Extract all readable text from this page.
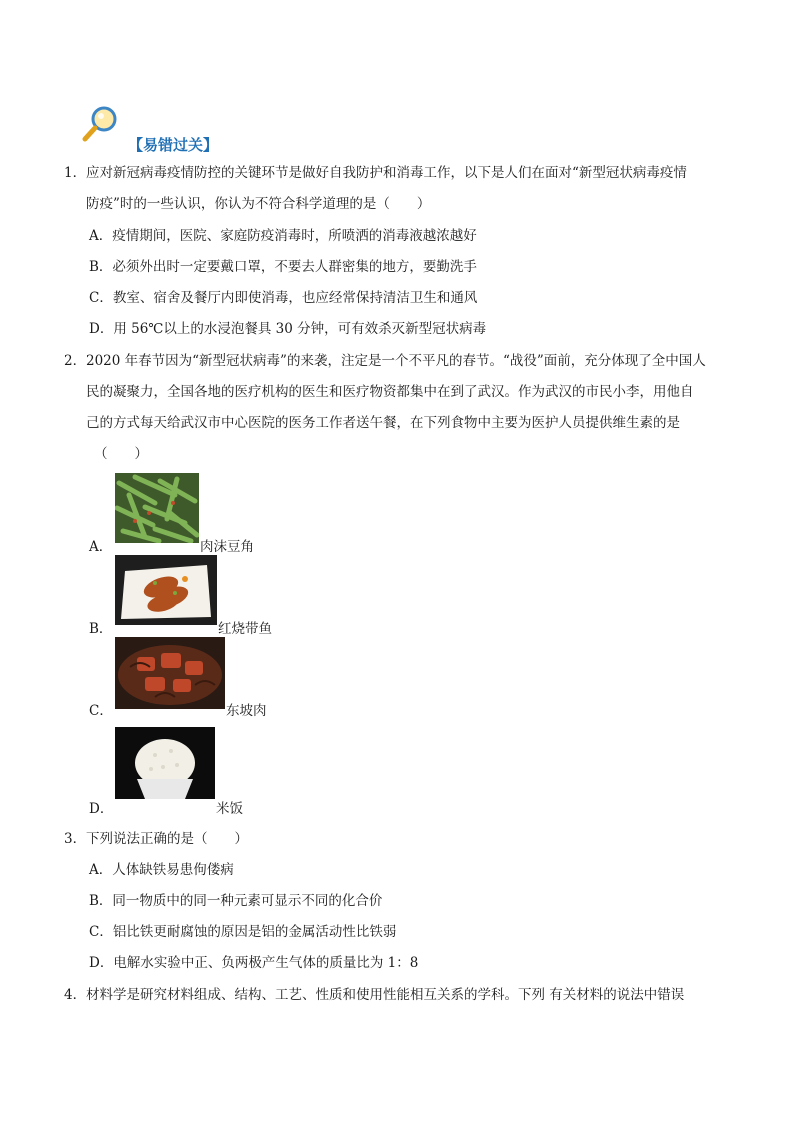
【易错过关】
1． 应对新冠病毒疫情防控的关键环节是做好自我防护和消毒工作，以下是人们在面对“新型冠状病毒疫情
防疫”时的一些认识，你认为不符合科学道理的是（　　）
A．疫情期间，医院、家庭防疫消毒时，所喷洒的消毒液越浓越好
B．必须外出时一定要戴口罩，不要去人群密集的地方，要勤洗手
C．教室、宿舍及餐厅内即使消毒，也应经常保持清洁卫生和通风
D．用 56℃以上的水浸泡餐具 30 分钟，可有效杀灭新型冠状病毒
2． 2020 年春节因为“新型冠状病毒”的来袭，注定是一个不平凡的春节。“战役”面前，充分体现了全中国人
民的凝聚力，全国各地的医疗机构的医生和医疗物资都集中在到了武汉。作为武汉的市民小李，用他自
己的方式每天给武汉市中心医院的医务工作者送午餐，在下列食物中主要为医护人员提供维生素的是
（　　）
A．	肉沫豆角
B．	红烧带鱼
C．	东坡肉
D．	米饭
3． 下列说法正确的是（　　）
A．人体缺铁易患佝偻病
B．同一物质中的同一种元素可显示不同的化合价
C．铝比铁更耐腐蚀的原因是铝的金属活动性比铁弱
D．电解水实验中正、负两极产生气体的质量比为 1：8
4． 材料学是研究材料组成、结构、工艺、性质和使用性能相互关系的学科。下列 有关材料的说法中错误
